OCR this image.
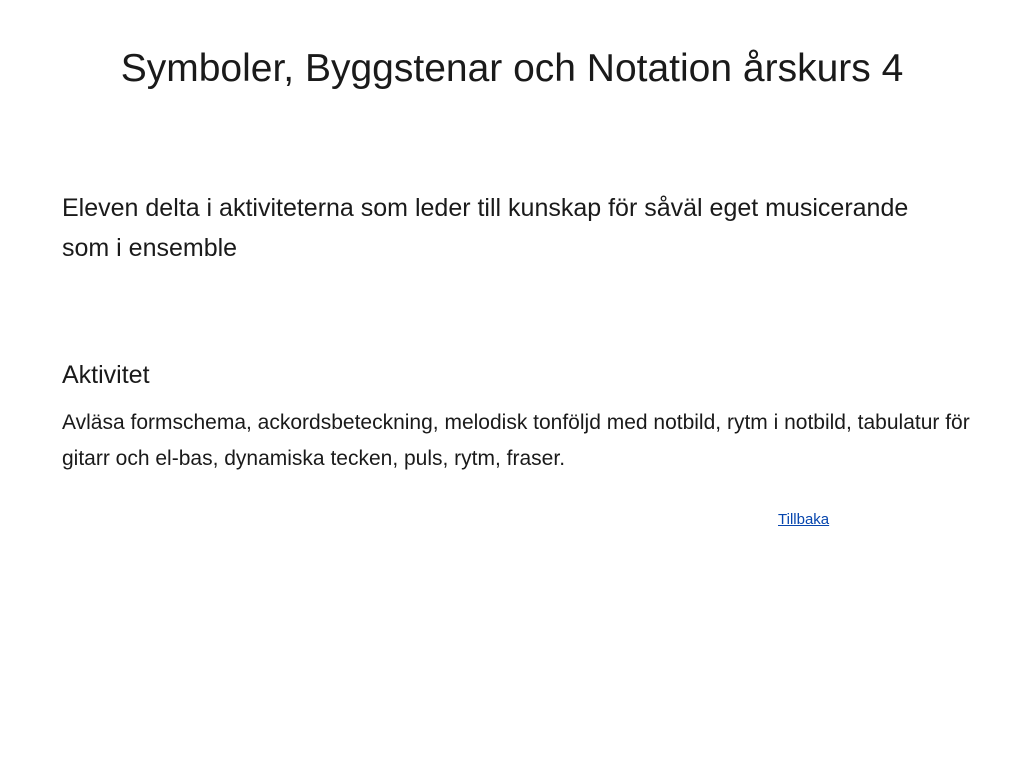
Symboler, Byggstenar och Notation årskurs 4
Eleven delta i aktiviteterna som leder till kunskap för såväl eget musicerande som i ensemble
Aktivitet
Avläsa formschema, ackordsbeteckning, melodisk tonföljd med notbild, rytm i notbild, tabulatur för gitarr och el-bas, dynamiska tecken, puls, rytm, fraser.
Tillbaka
